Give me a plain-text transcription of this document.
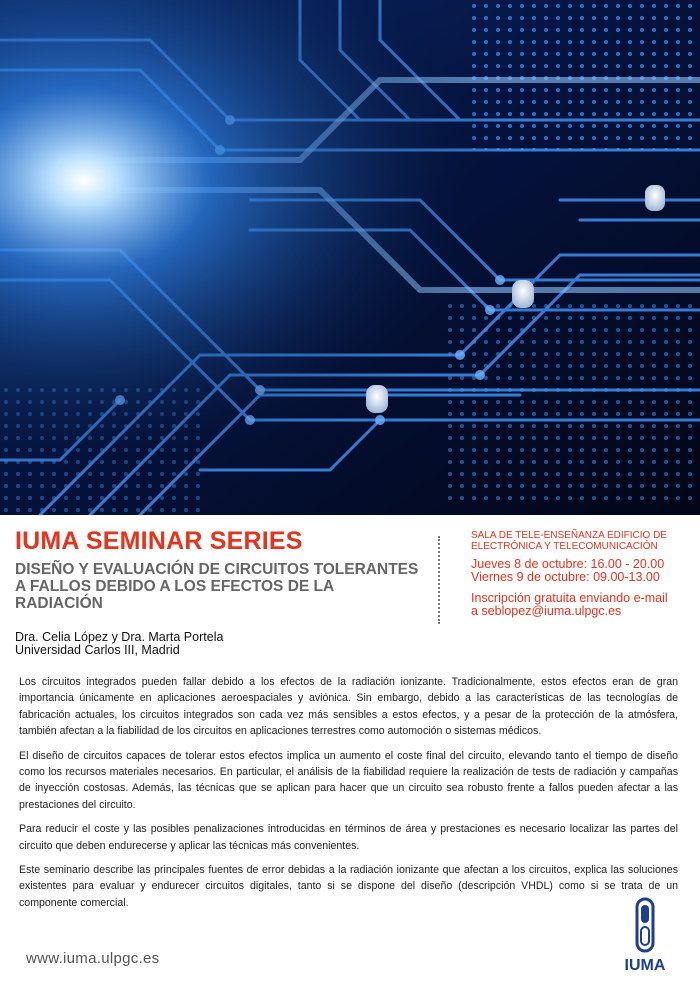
IUMA SEMINAR SERIES
DISEÑO Y EVALUACIÓN DE CIRCUITOS TOLERANTES A FALLOS DEBIDO A LOS EFECTOS DE LA RADIACIÓN
SALA DE TELE-ENSEÑANZA EDIFICIO DE ELECTRÓNICA Y TELECOMUNICACIÓN
Jueves 8 de octubre: 16.00 - 20.00
Viernes 9 de octubre: 09.00-13.00
Inscripción gratuita enviando e-mail
a seblopez@iuma.ulpgc.es
Dra. Celia López y Dra. Marta Portela
Universidad Carlos III, Madrid

Los circuitos integrados pueden fallar debido a los efectos de la radiación ionizante. Tradicionalmente, estos efectos eran de gran importancia únicamente en aplicaciones aeroespaciales y aviónica. Sin embargo, debido a las características de las tecnologías de fabricación actuales, los circuitos integrados son cada vez más sensibles a estos efectos, y a pesar de la protección de la atmósfera, también afectan a la fiabilidad de los circuitos en aplicaciones terrestres como automoción o sistemas médicos.

El diseño de circuitos capaces de tolerar estos efectos implica un aumento el coste final del circuito, elevando tanto el tiempo de diseño como los recursos materiales necesarios. En particular, el análisis de la fiabilidad requiere la realización de tests de radiación y campañas de inyección costosas. Además, las técnicas que se aplican para hacer que un circuito sea robusto frente a fallos pueden afectar a las prestaciones del circuito.

Para reducir el coste y las posibles penalizaciones introducidas en términos de área y prestaciones es necesario localizar las partes del circuito que deben endurecerse y aplicar las técnicas más convenientes.

Este seminario describe las principales fuentes de error debidas a la radiación ionizante que afectan a los circuitos, explica las soluciones existentes para evaluar y endurecer circuitos digitales, tanto si se dispone del diseño (descripción VHDL) como si se trata de un componente comercial.

www.iuma.ulpgc.es	IUMA
